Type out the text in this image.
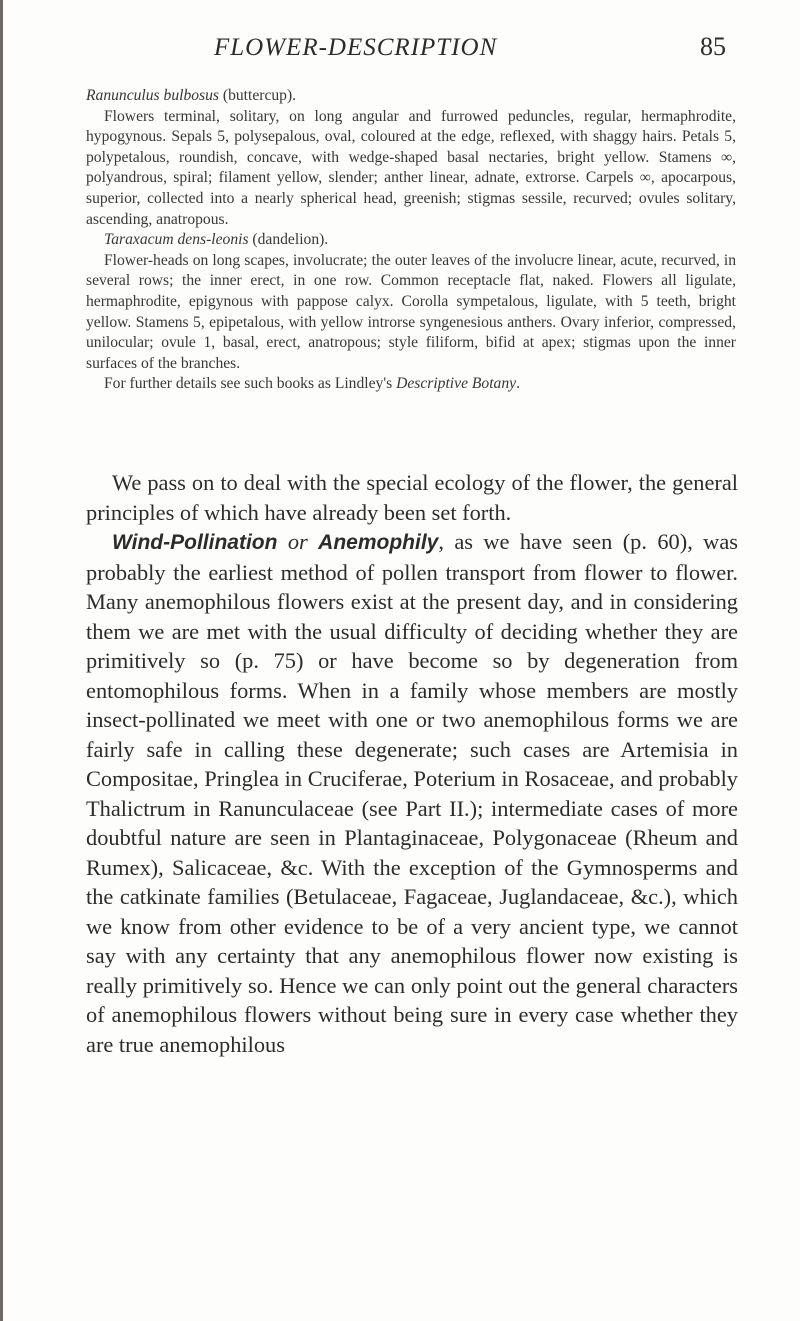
FLOWER-DESCRIPTION	85

Ranunculus bulbosus (buttercup).

Flowers terminal, solitary, on long angular and furrowed peduncles, regular, hermaphrodite, hypogynous. Sepals 5, polysepalous, oval, coloured at the edge, reflexed, with shaggy hairs. Petals 5, polypetalous, roundish, concave, with wedge-shaped basal nectaries, bright yellow. Stamens ∞, polyandrous, spiral; filament yellow, slender; anther linear, adnate, extrorse. Carpels ∞, apocarpous, superior, collected into a nearly spherical head, greenish; stigmas sessile, recurved; ovules solitary, ascending, anatropous.

Taraxacum dens-leonis (dandelion).

Flower-heads on long scapes, involucrate; the outer leaves of the involucre linear, acute, recurved, in several rows; the inner erect, in one row. Common receptacle flat, naked. Flowers all ligulate, hermaphrodite, epigynous with pappose calyx. Corolla sympetalous, ligulate, with 5 teeth, bright yellow. Stamens 5, epipetalous, with yellow introrse syngenesious anthers. Ovary inferior, compressed, unilocular; ovule 1, basal, erect, anatropous; style filiform, bifid at apex; stigmas upon the inner surfaces of the branches.

For further details see such books as Lindley's Descriptive Botany.

We pass on to deal with the special ecology of the flower, the general principles of which have already been set forth.

Wind-Pollination or Anemophily, as we have seen (p. 60), was probably the earliest method of pollen transport from flower to flower. Many anemophilous flowers exist at the present day, and in considering them we are met with the usual difficulty of deciding whether they are primitively so (p. 75) or have become so by degeneration from entomophilous forms. When in a family whose members are mostly insect-pollinated we meet with one or two anemophilous forms we are fairly safe in calling these degenerate; such cases are Artemisia in Compositae, Pringlea in Cruciferae, Poterium in Rosaceae, and probably Thalictrum in Ranunculaceae (see Part II.); intermediate cases of more doubtful nature are seen in Plantaginaceae, Polygonaceae (Rheum and Rumex), Salicaceae, &c. With the exception of the Gymnosperms and the catkinate families (Betulaceae, Fagaceae, Juglandaceae, &c.), which we know from other evidence to be of a very ancient type, we cannot say with any certainty that any anemophilous flower now existing is really primitively so. Hence we can only point out the general characters of anemophilous flowers without being sure in every case whether they are true anemophilous
